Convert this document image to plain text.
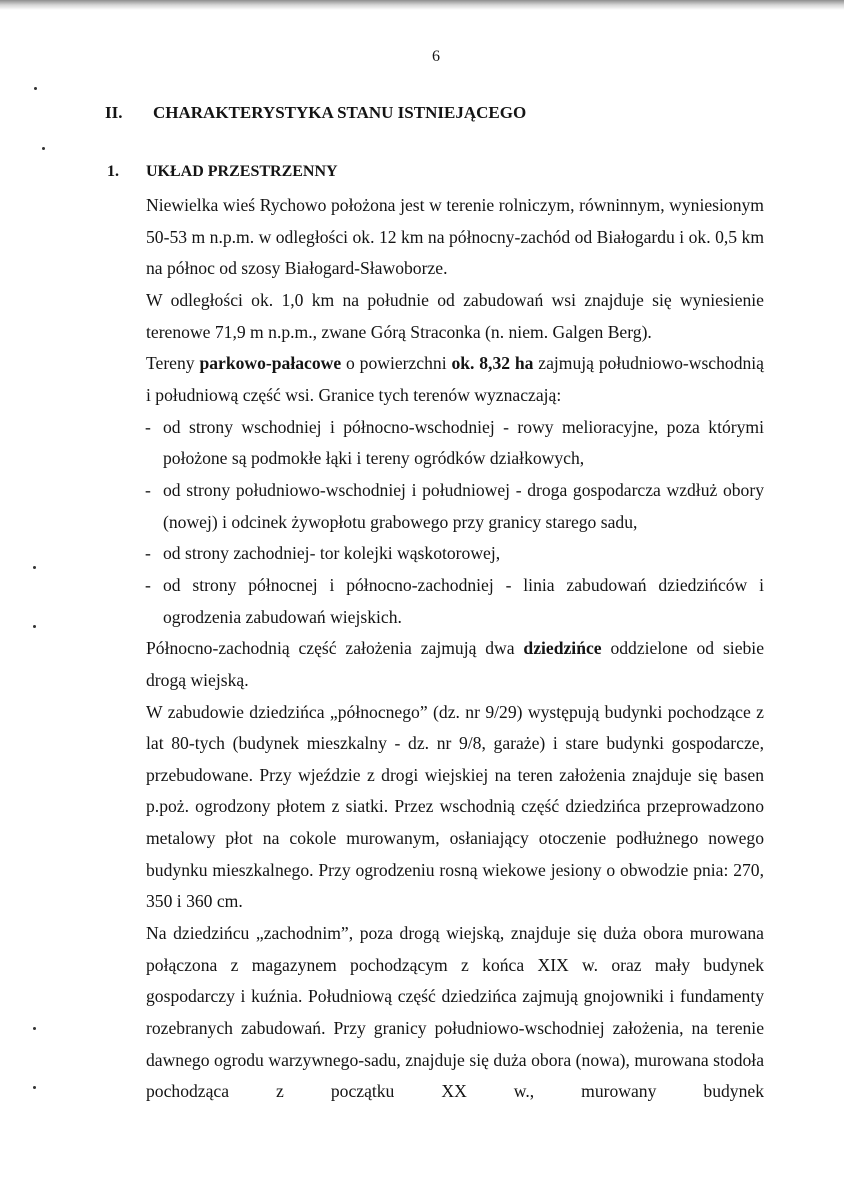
6
II. CHARAKTERYSTYKA STANU ISTNIEJĄCEGO
1. UKŁAD PRZESTRZENNY

Niewielka wieś Rychowo położona jest w terenie rolniczym, równinnym, wyniesionym 50-53 m n.p.m. w odległości ok. 12 km na północny-zachód od Białogardu i ok. 0,5 km na północ od szosy Białogard-Sławoborze.

W odległości ok. 1,0 km na południe od zabudowań wsi znajduje się wyniesienie terenowe 71,9 m n.p.m., zwane Górą Straconka (n. niem. Galgen Berg).

Tereny parkowo-pałacowe o powierzchni ok. 8,32 ha zajmują południowo-wschodnią i południową część wsi. Granice tych terenów wyznaczają:

- od strony wschodniej i północno-wschodniej - rowy melioracyjne, poza którymi położone są podmokłe łąki i tereny ogródków działkowych,
- od strony południowo-wschodniej i południowej - droga gospodarcza wzdłuż obory (nowej) i odcinek żywopłotu grabowego przy granicy starego sadu,
- od strony zachodniej- tor kolejki wąskotorowej,
- od strony północnej i północno-zachodniej - linia zabudowań dziedzińców i ogrodzenia zabudowań wiejskich.

Północno-zachodnią część założenia zajmują dwa dziedzińce oddzielone od siebie drogą wiejską.

W zabudowie dziedzińca „północnego” (dz. nr 9/29) występują budynki pochodzące z lat 80-tych (budynek mieszkalny - dz. nr 9/8, garaże) i stare budynki gospodarcze, przebudowane. Przy wjeździe z drogi wiejskiej na teren założenia znajduje się basen p.poż. ogrodzony płotem z siatki. Przez wschodnią część dziedzińca przeprowadzono metalowy płot na cokole murowanym, osłaniający otoczenie podłużnego nowego budynku mieszkalnego. Przy ogrodzeniu rosną wiekowe jesiony o obwodzie pnia: 270, 350 i 360 cm.

Na dziedzińcu „zachodnim”, poza drogą wiejską, znajduje się duża obora murowana połączona z magazynem pochodzącym z końca XIX w. oraz mały budynek gospodarczy i kuźnia. Południową część dziedzińca zajmują gnojowniki i fundamenty rozebranych zabudowań. Przy granicy południowo-wschodniej założenia, na terenie dawnego ogrodu warzywnego-sadu, znajduje się duża obora (nowa), murowana stodoła pochodząca z początku XX w., murowany budynek
